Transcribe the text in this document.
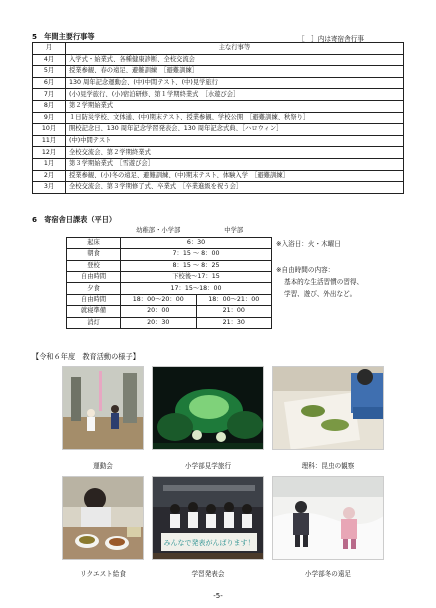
5　年間主要行事等	［　］内は寄宿舎行事
月	主な行事等
4月	入学式・始業式、各種健康診断、全校交流会
5月	授業参観、春の遠足、避難訓練　［避難訓練］
6月	130 周年記念運動会、(中)中間テスト、(中)見学旅行
7月	(小)見学旅行、(小)宿泊研修、第１学期終業式　［水遊び会］
8月	第２学期始業式
9月	１日防災学校、文体通、(中)期末テスト、授業参観、学校公開　［避難訓練、秋祭り］
10月	開校記念日、130 周年記念学習発表会、130 周年記念式典、［ハロウィン］
11月	(中)中間テスト
12月	全校交流会、第２学期終業式
1月	第３学期始業式　［雪遊び会］
2月	授業参観、(小)冬の遠足、避難訓練、(中)期末テスト、体験入学　［避難訓練］
3月	全校交流会、第３学期修了式、卒業式　［卒業進級を祝う会］
6　寄宿舎日課表（平日）
	幼稚部・小学部	中学部
起床	6：30	
朝食	7：15 ～ 8：00	
登校	8：15 ～ 8：25	
自由時間	下校後～17：15	
夕食	17：15～18：00	
自由時間	18：00～20：00	18：00～21：00
就寝準備	20：00	21：00
消灯	20：30	21：30
※入浴日：火・木曜日
※自由時間の内容：
基本的な生活習慣の習得、
学習、遊び、外出など。
【令和６年度　教育活動の様子】
運動会	小学部見学旅行	理科：昆虫の観察
リクエスト給食
みんなで発表がんばります！
学習発表会	小学部冬の遠足
-5-
